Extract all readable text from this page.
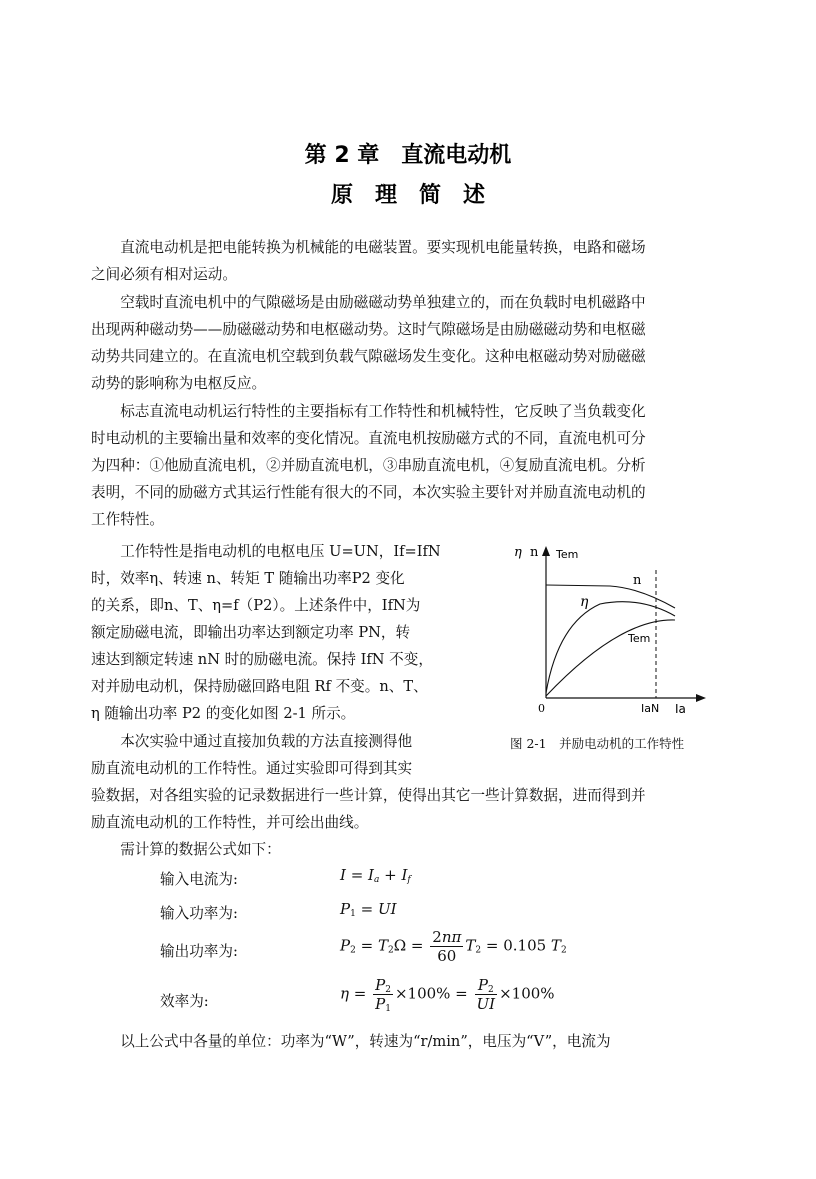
第 2 章　直流电动机
原　理　简　述
直流电动机是把电能转换为机械能的电磁装置。要实现机电能量转换，电路和磁场
之间必须有相对运动。
空载时直流电机中的气隙磁场是由励磁磁动势单独建立的，而在负载时电机磁路中
出现两种磁动势——励磁磁动势和电枢磁动势。这时气隙磁场是由励磁磁动势和电枢磁
动势共同建立的。在直流电机空载到负载气隙磁场发生变化。这种电枢磁动势对励磁磁
动势的影响称为电枢反应。
标志直流电动机运行特性的主要指标有工作特性和机械特性，它反映了当负载变化
时电动机的主要输出量和效率的变化情况。直流电机按励磁方式的不同，直流电机可分
为四种：①他励直流电机，②并励直流电机，③串励直流电机，④复励直流电机。分析
表明，不同的励磁方式其运行性能有很大的不同，本次实验主要针对并励直流电动机的
工作特性。
工作特性是指电动机的电枢电压 U=UN，If=IfN
时，效率η、转速 n、转矩 T 随输出功率P2 变化
的关系，即n、T、η=f（P2）。上述条件中，IfN为
额定励磁电流，即输出功率达到额定功率 PN，转
速达到额定转速 nN 时的励磁电流。保持 IfN 不变，
对并励电动机，保持励磁回路电阻 Rf 不变。n、T、
η 随输出功率 P2 的变化如图 2-1 所示。
本次实验中通过直接加负载的方法直接测得他
励直流电动机的工作特性。通过实验即可得到其实
验数据，对各组实验的记录数据进行一些计算，使得出其它一些计算数据，进而得到并
励直流电动机的工作特性，并可绘出曲线。
需计算的数据公式如下：
η n Tem
n
η
Tem
0	IaN Ia
图 2-1　并励电动机的工作特性
输入电流为:	$I = I_a + I_f$
输入功率为:	$P_1$ = UI
输出功率为:	$P_2 = T_2\Omega = \frac{2n\pi}{60} T_2 = 0.105$ $T_2$
效率为:	$\eta = \frac{P_2}{P_1} \times 100\% = \frac{P_2}{UI} \times 100\%$
以上公式中各量的单位：功率为“W”，转速为“r/min”，电压为“V”，电流为
